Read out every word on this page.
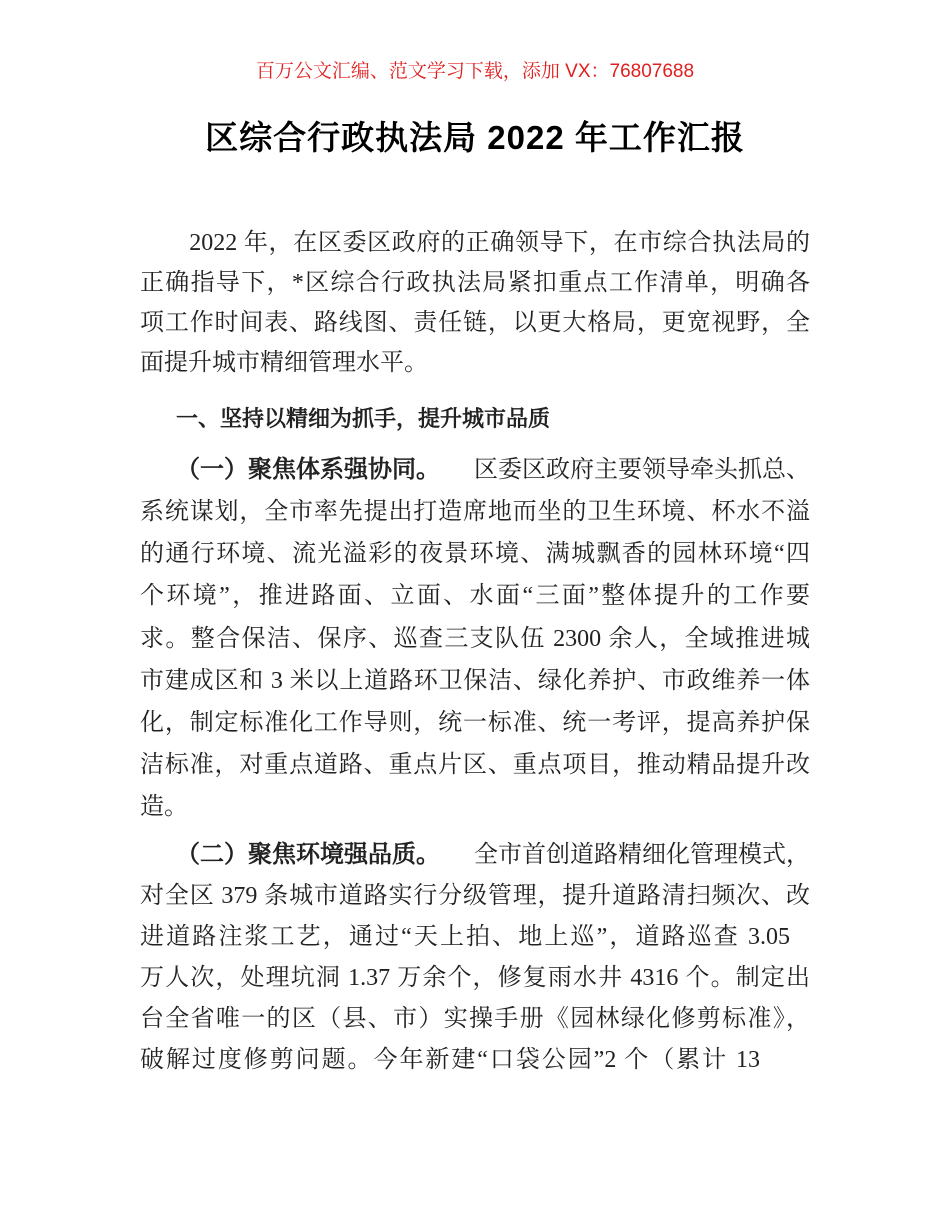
百万公文汇编、范文学习下载，添加 VX：76807688
区综合行政执法局 2022 年工作汇报
　　2022 年，在区委区政府的正确领导下，在市综合执法局的
正确指导下，*区综合行政执法局紧扣重点工作清单，明确各
项工作时间表、路线图、责任链，以更大格局，更宽视野，全
面提升城市精细管理水平。
一、坚持以精细为抓手，提升城市品质
（一）聚焦体系强协同。 区委区政府主要领导牵头抓总、
系统谋划，全市率先提出打造席地而坐的卫生环境、杯水不溢
的通行环境、流光溢彩的夜景环境、满城飘香的园林环境“四
个环境”，推进路面、立面、水面“三面”整体提升的工作要
求。整合保洁、保序、巡查三支队伍 2300 余人，全域推进城
市建成区和 3 米以上道路环卫保洁、绿化养护、市政维养一体
化，制定标准化工作导则，统一标准、统一考评，提高养护保
洁标准，对重点道路、重点片区、重点项目，推动精品提升改
造。
（二）聚焦环境强品质。 全市首创道路精细化管理模式，
对全区 379 条城市道路实行分级管理，提升道路清扫频次、改
进道路注浆工艺，通过“天上拍、地上巡”，道路巡查 3.05
万人次，处理坑洞 1.37 万余个，修复雨水井 4316 个。制定出
台全省唯一的区（县、市）实操手册《园林绿化修剪标准》，
破解过度修剪问题。今年新建“口袋公园”2 个（累计 13
